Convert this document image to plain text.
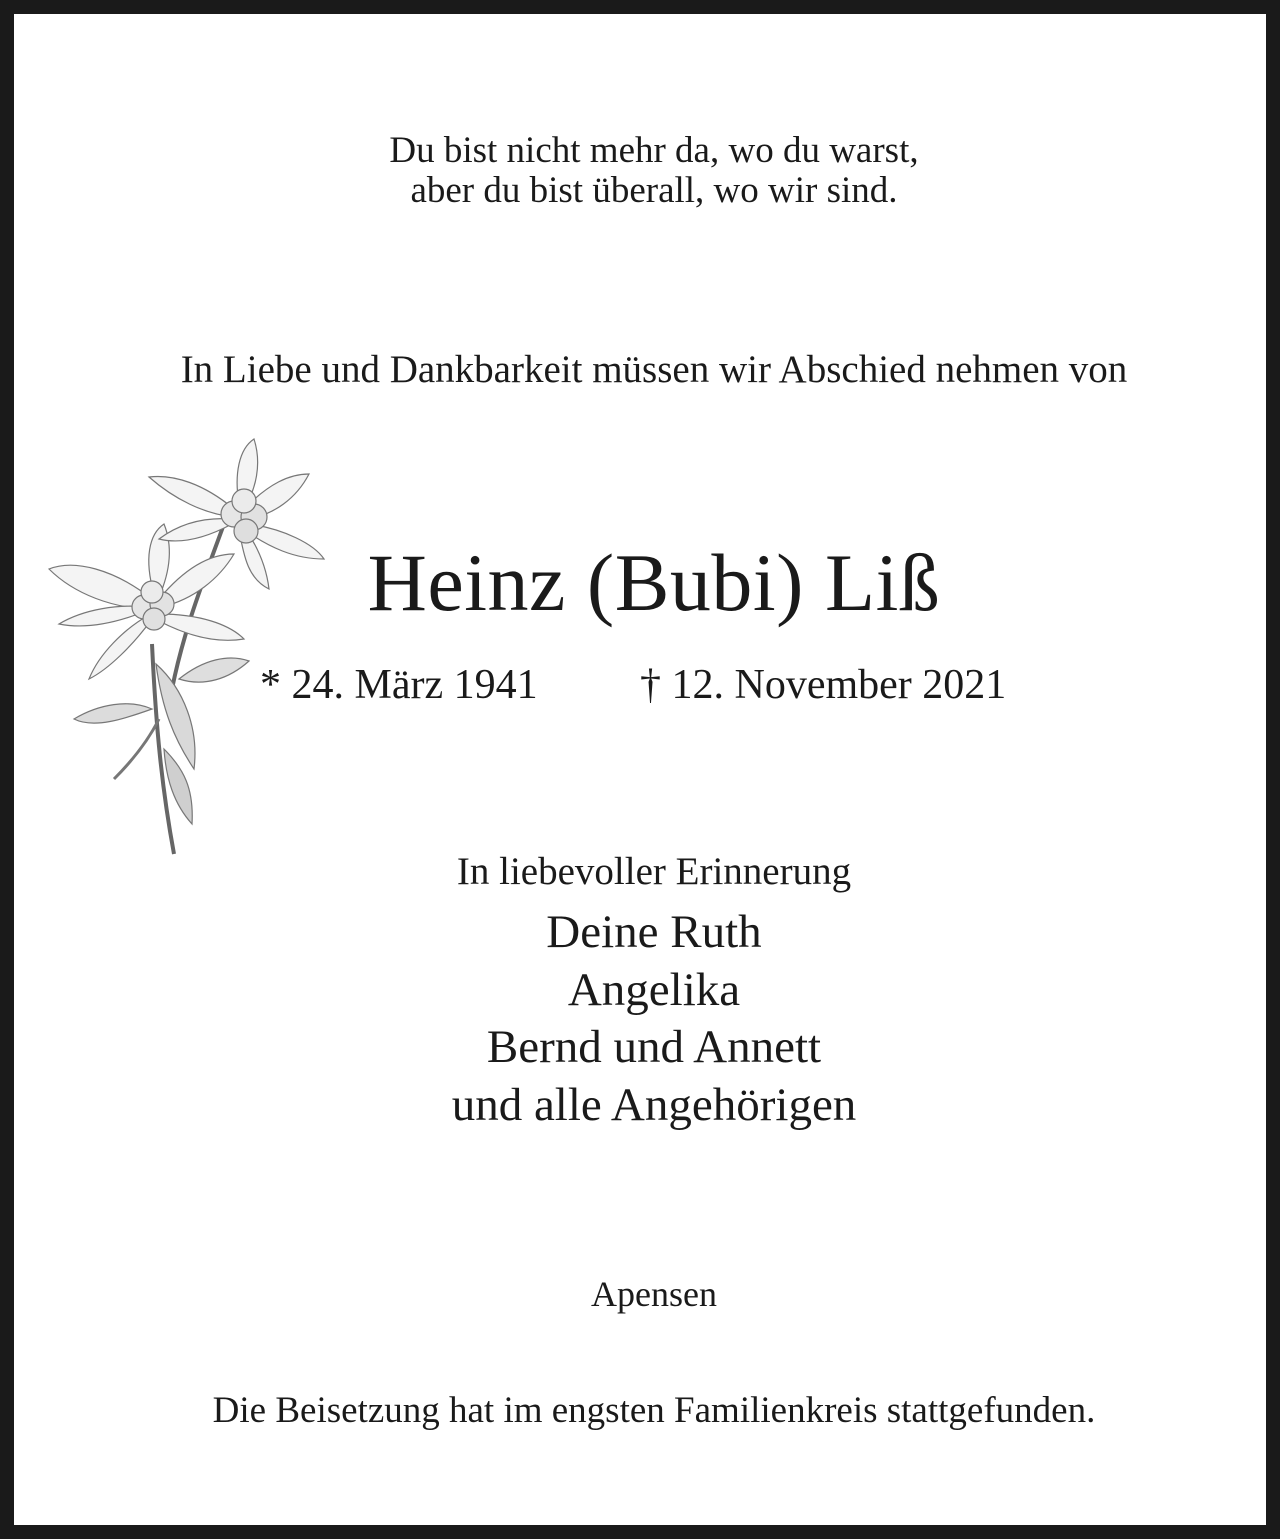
Du bist nicht mehr da, wo du warst,
aber du bist überall, wo wir sind.
In Liebe und Dankbarkeit müssen wir Abschied nehmen von
Heinz (Bubi) Liß
* 24. März 1941 † 12. November 2021
In liebevoller Erinnerung
Deine Ruth
Angelika
Bernd und Annett
und alle Angehörigen
Apensen
Die Beisetzung hat im engsten Familienkreis stattgefunden.
